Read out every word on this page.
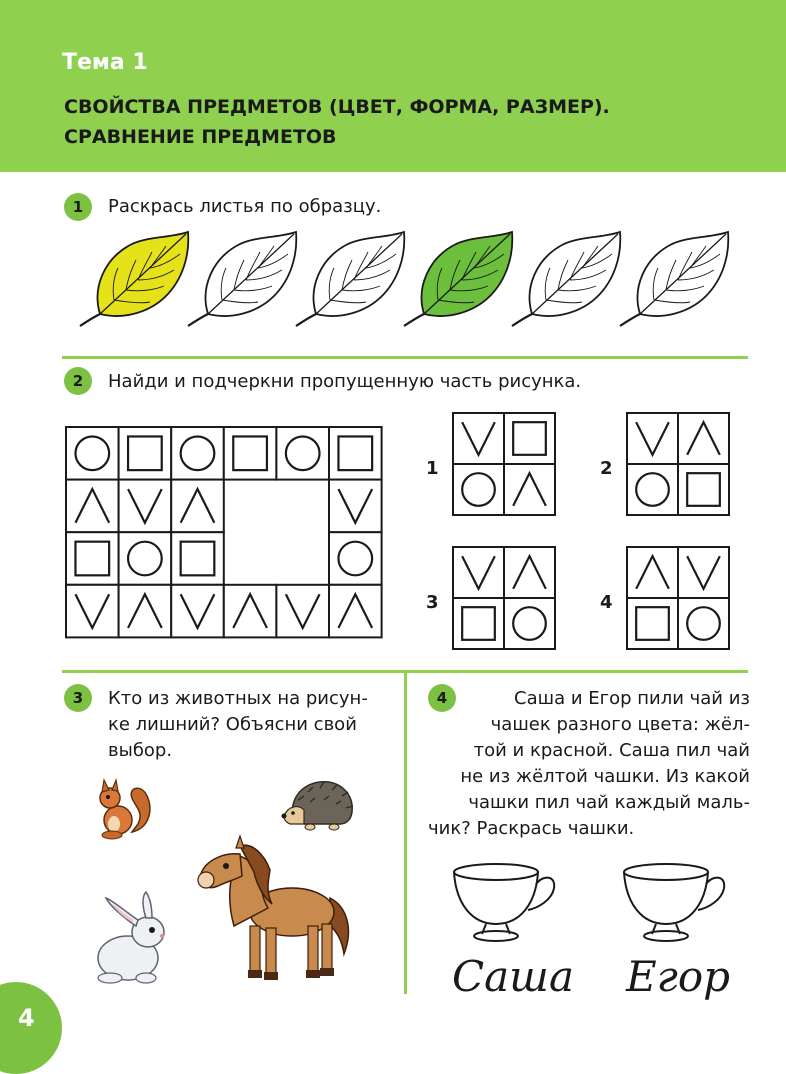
Тема 1
СВОЙСТВА ПРЕДМЕТОВ (ЦВЕТ, ФОРМА, РАЗМЕР).
СРАВНЕНИЕ ПРЕДМЕТОВ
1	Раскрась листья по образцу.
2	Найди и подчеркни пропущенную часть рисунка.
1	2
3	4
3	Кто из животных на рисун-
ке лишний? Объясни свой
выбор.
4	Саша и Егор пили чай из
чашек разного цвета: жёл-
той и красной. Саша пил чай
не из жёлтой чашки. Из какой
чашки пил чай каждый маль-
чик? Раскрась чашки.
Саша Егор
4
